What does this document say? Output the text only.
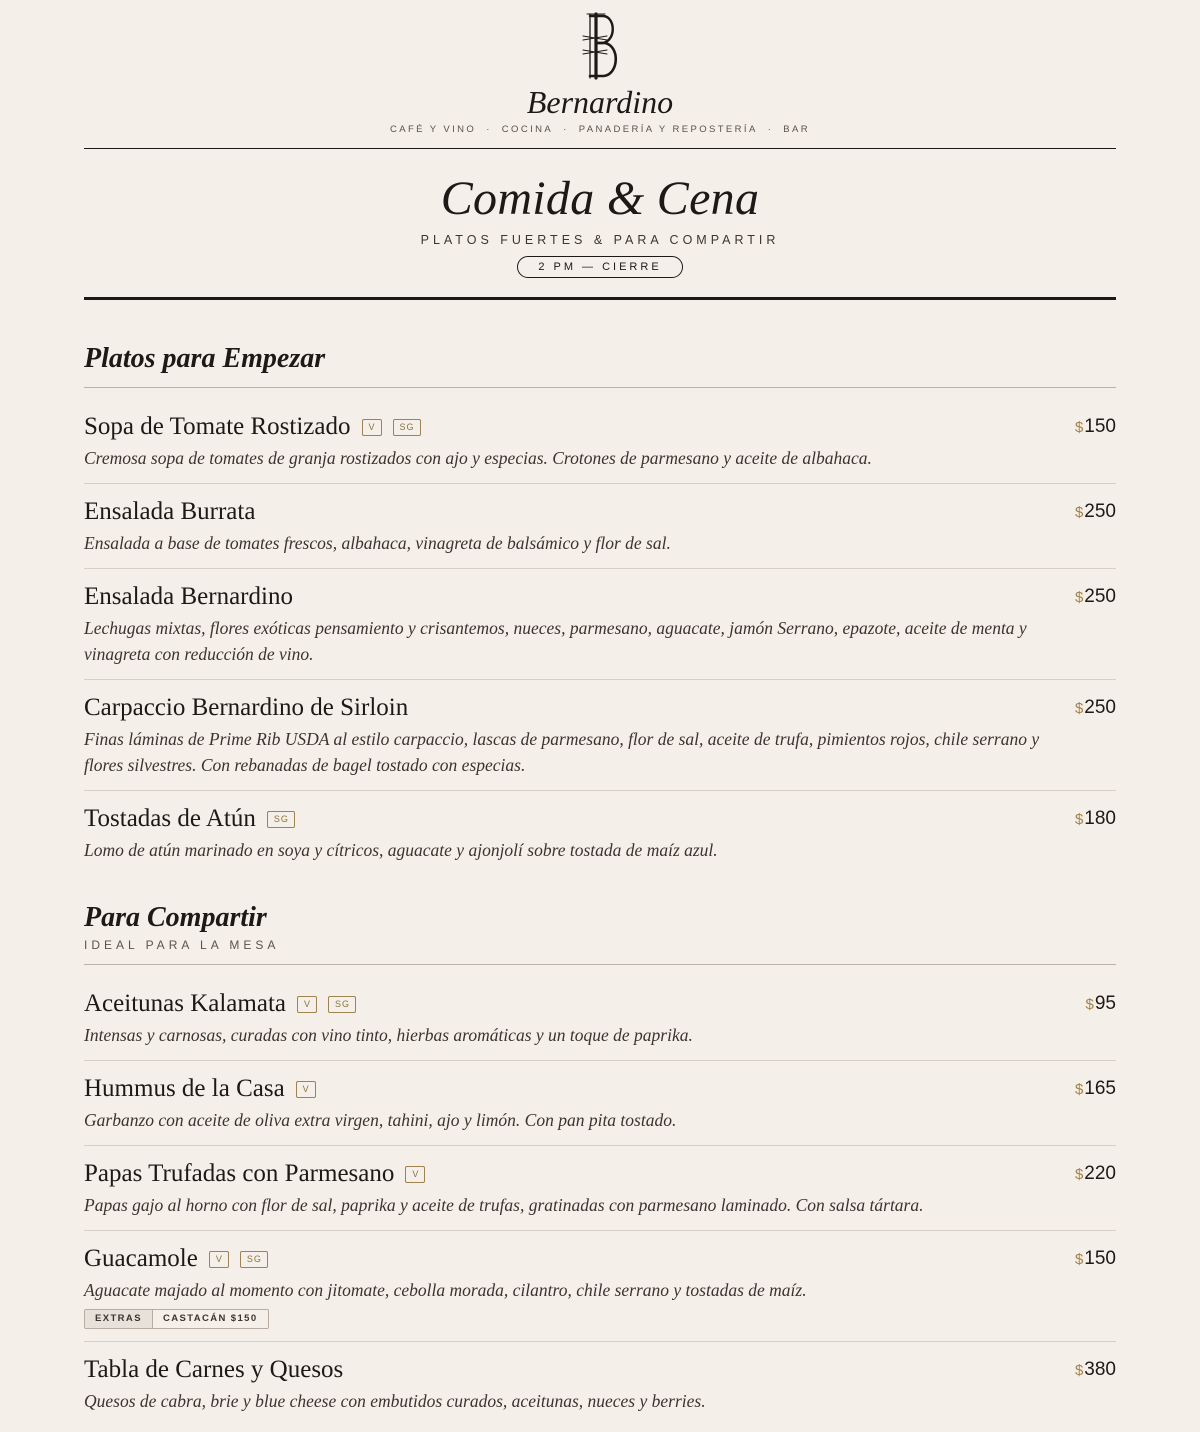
Bernardino
CAFÉ Y VINO · COCINA · PANADERÍA Y REPOSTERÍA · BAR
Comida & Cena
PLATOS FUERTES & PARA COMPARTIR
2 PM — CIERRE
Platos para Empezar
Sopa de Tomate Rostizado	V	SG	$150
Cremosa sopa de tomates de granja rostizados con ajo y especias. Crotones de parmesano y aceite de albahaca.
Ensalada Burrata	$250
Ensalada a base de tomates frescos, albahaca, vinagreta de balsámico y flor de sal.
Ensalada Bernardino	$250
Lechugas mixtas, flores exóticas pensamiento y crisantemos, nueces, parmesano, aguacate, jamón Serrano, epazote, aceite de menta y vinagreta con reducción de vino.
Carpaccio Bernardino de Sirloin	$250
Finas láminas de Prime Rib USDA al estilo carpaccio, lascas de parmesano, flor de sal, aceite de trufa, pimientos rojos, chile serrano y flores silvestres. Con rebanadas de bagel tostado con especias.
Tostadas de Atún	SG	$180
Lomo de atún marinado en soya y cítricos, aguacate y ajonjolí sobre tostada de maíz azul.
Para Compartir
IDEAL PARA LA MESA
Aceitunas Kalamata	V	SG	$95
Intensas y carnosas, curadas con vino tinto, hierbas aromáticas y un toque de paprika.
Hummus de la Casa	V	$165
Garbanzo con aceite de oliva extra virgen, tahini, ajo y limón. Con pan pita tostado.
Papas Trufadas con Parmesano	V	$220
Papas gajo al horno con flor de sal, paprika y aceite de trufas, gratinadas con parmesano laminado. Con salsa tártara.
Guacamole	V	SG	$150
Aguacate majado al momento con jitomate, cebolla morada, cilantro, chile serrano y tostadas de maíz.
EXTRAS	CASTACÁN $150
Tabla de Carnes y Quesos	$380
Quesos de cabra, brie y blue cheese con embutidos curados, aceitunas, nueces y berries.
